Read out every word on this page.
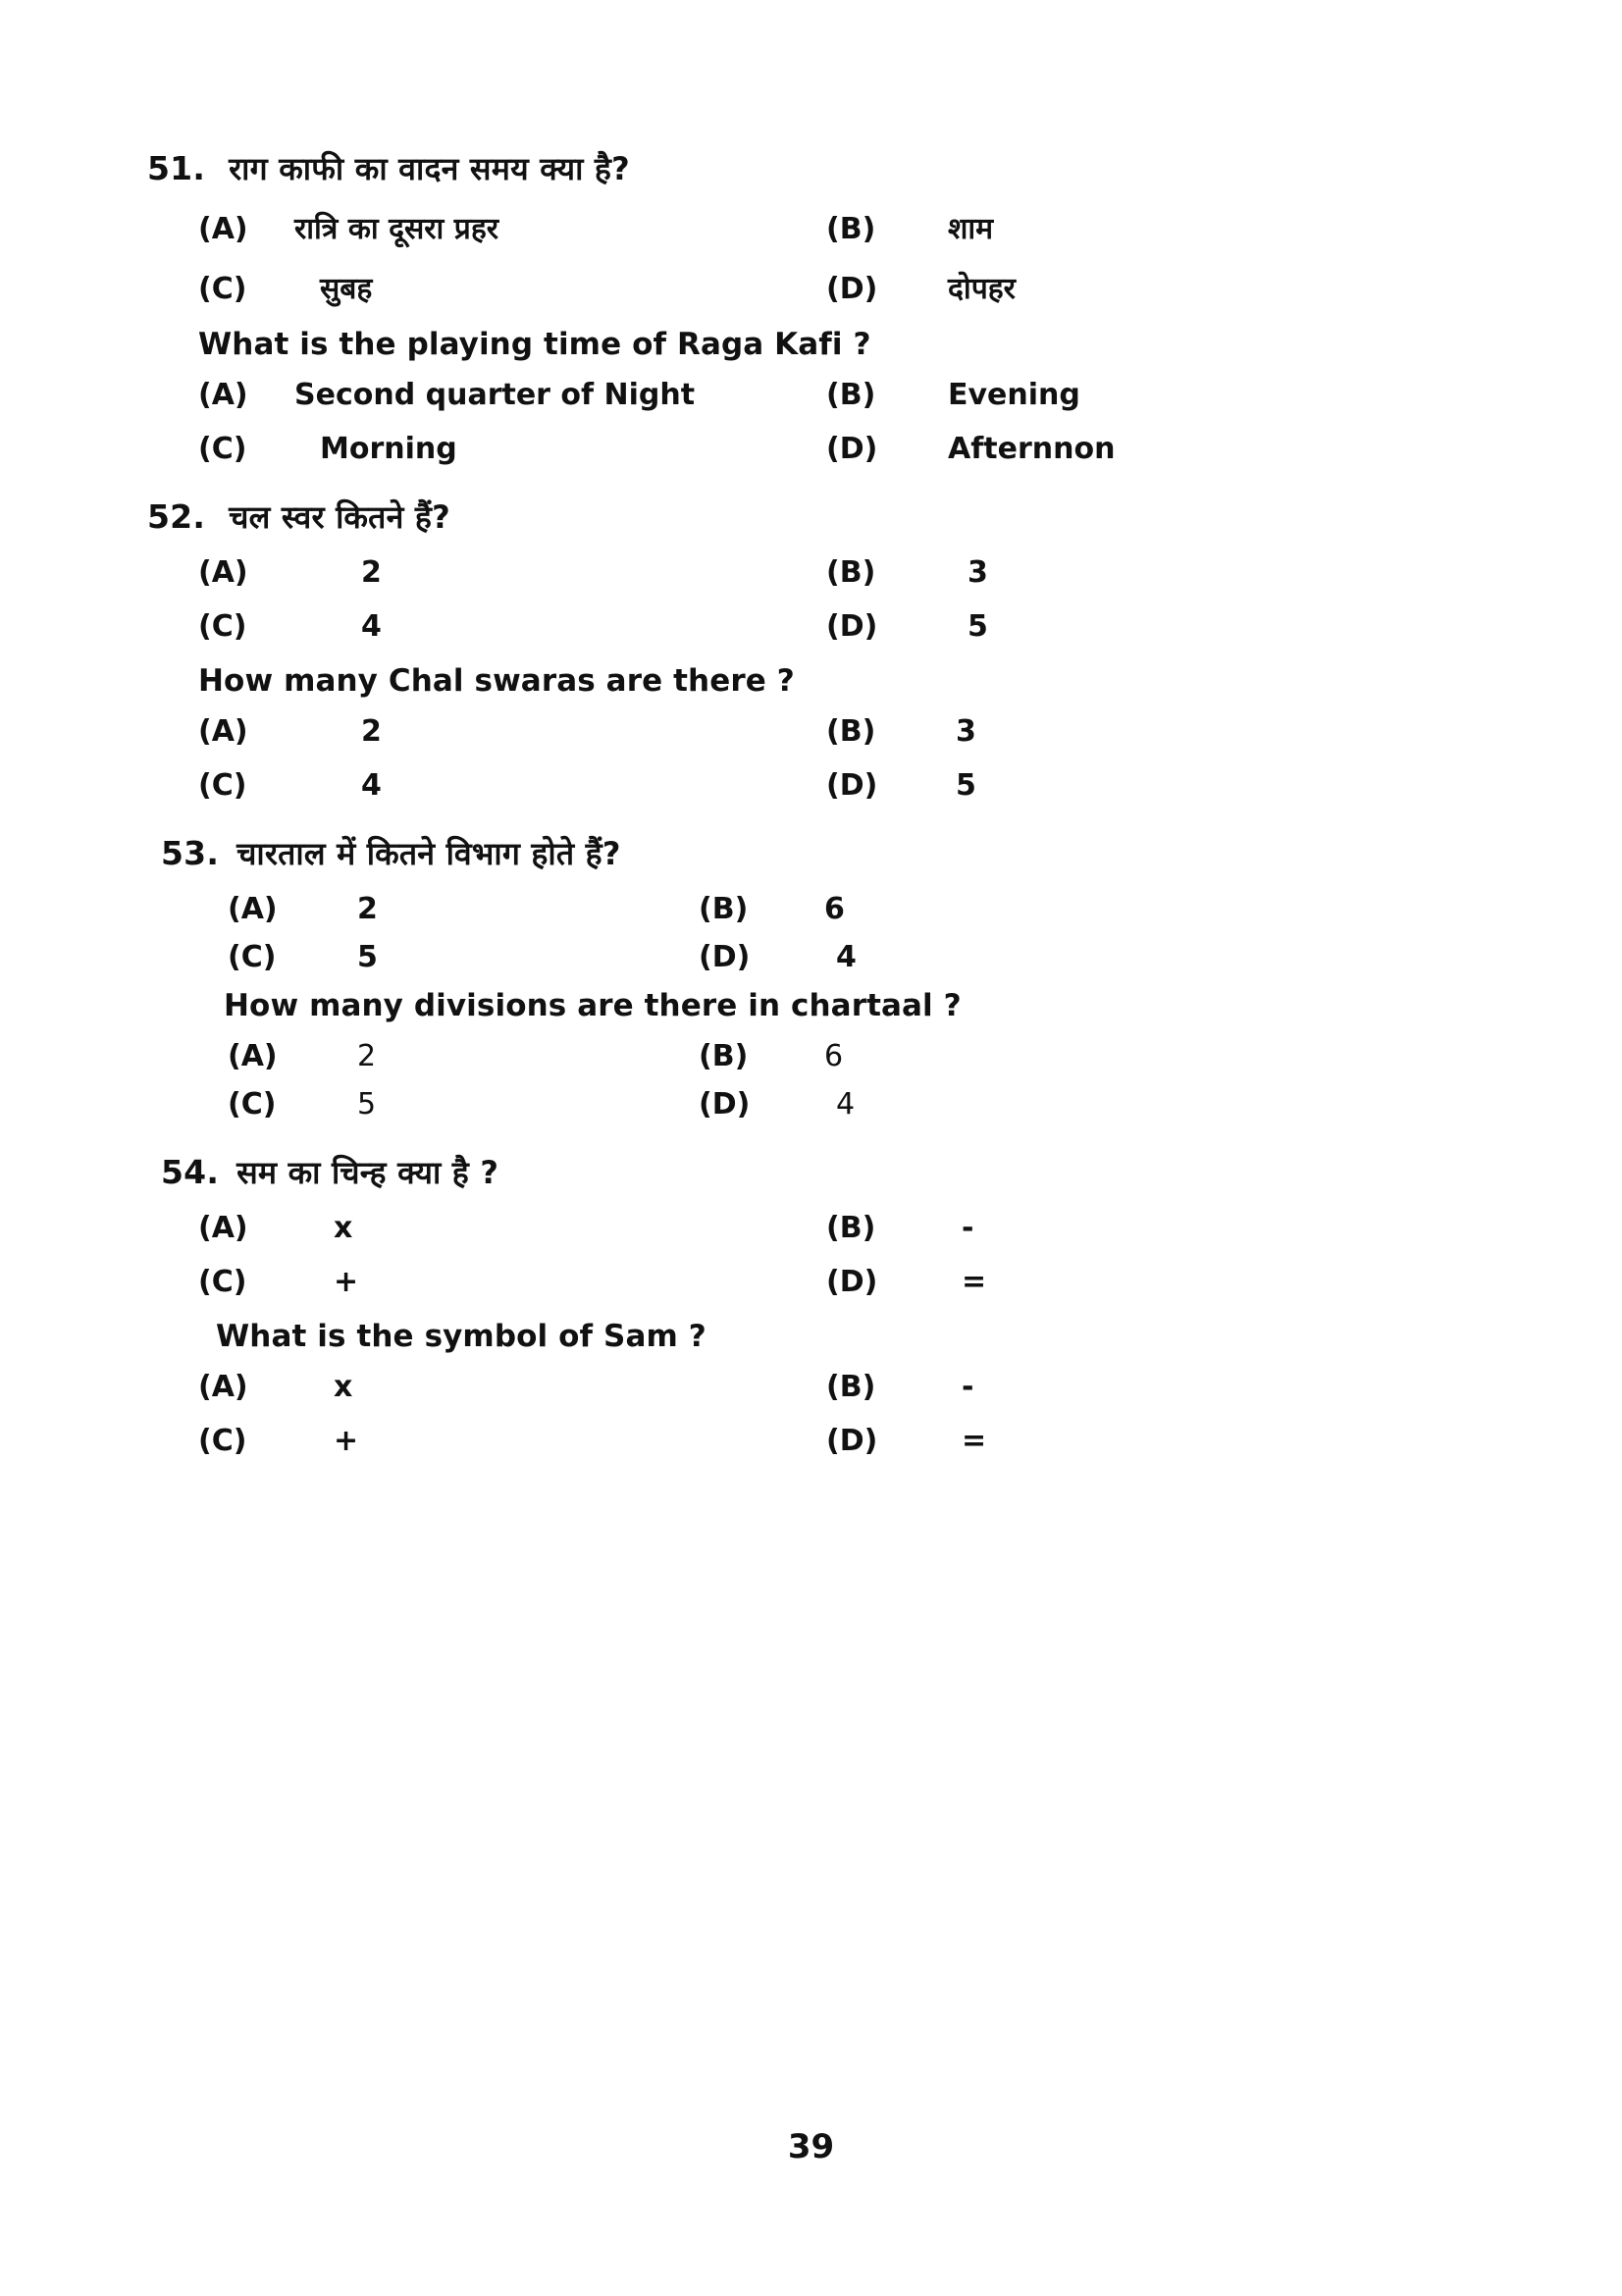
51. राग काफी का वादन समय क्या है?
(A)	रात्रि का दूसरा प्रहर	(B)	शाम
(C)	सुबह	(D)	दोपहर
What is the playing time of Raga Kafi ?
(A)	Second quarter of Night	(B)	Evening
(C)	Morning	(D)	Afternnon
52. चल स्वर कितने हैं?
(A)	2	(B)	3
(C)	4	(D)	5
How many Chal swaras are there ?
(A)	2	(B)	3
(C)	4	(D)	5
53. चारताल में कितने विभाग होते हैं?
(A)	2	(B)	6
(C)	5	(D)	4
How many divisions are there in chartaal ?
(A)	2	(B)	6
(C)	5	(D)	4
54. सम का चिन्ह क्या है ?
(A)	x	(B)	-
(C)	+	(D)	=
What is the symbol of Sam ?
(A)	x	(B)	-
(C)	+	(D)	=
39
